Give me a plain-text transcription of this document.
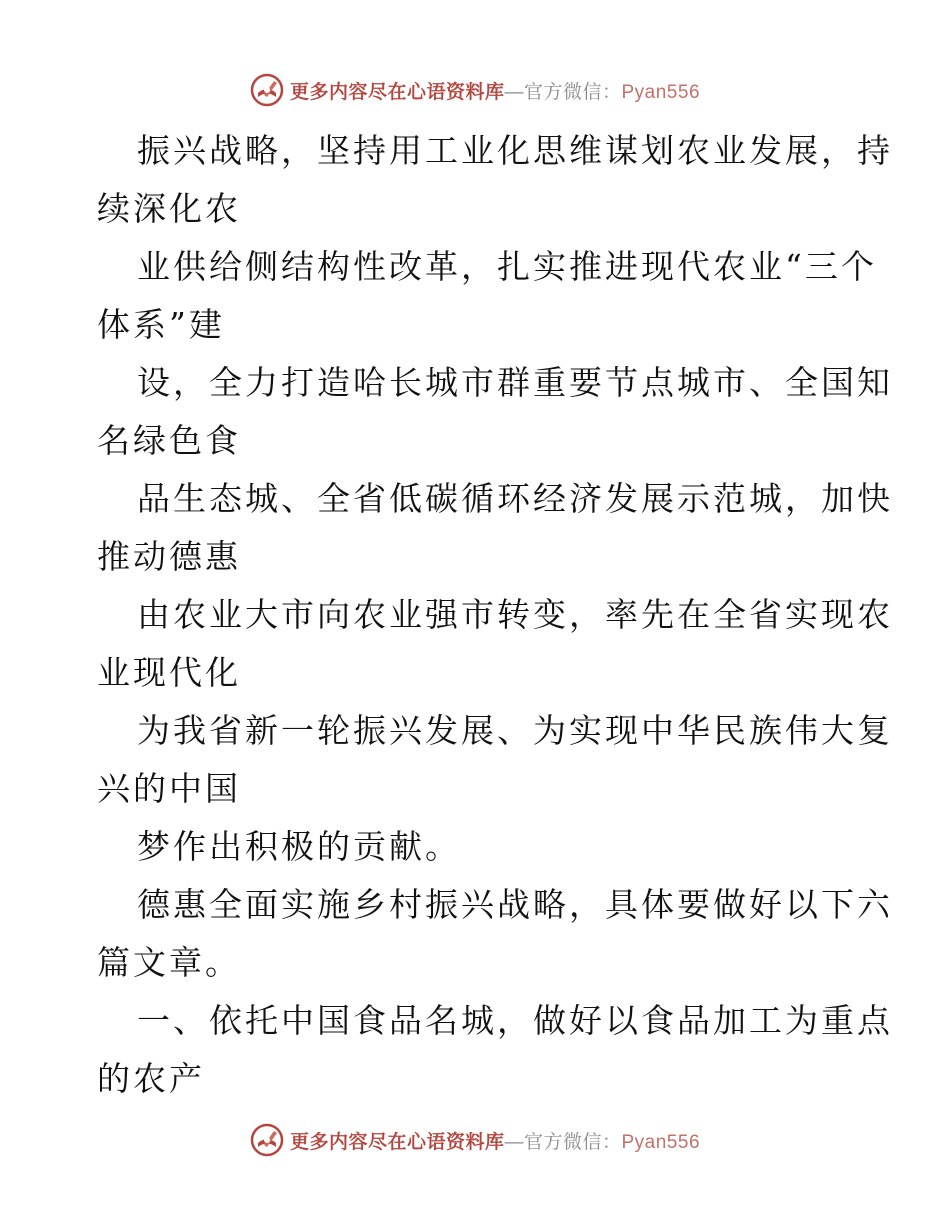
更多内容尽在心语资料库—官方微信：Pyan556
振兴战略，坚持用工业化思维谋划农业发展，持
续深化农
业供给侧结构性改革，扎实推进现代农业“三个
体系”建
设，全力打造哈长城市群重要节点城市、全国知
名绿色食
品生态城、全省低碳循环经济发展示范城，加快
推动德惠
由农业大市向农业强市转变，率先在全省实现农
业现代化
为我省新一轮振兴发展、为实现中华民族伟大复
兴的中国
梦作出积极的贡献。
德惠全面实施乡村振兴战略，具体要做好以下六
篇文章。
一、依托中国食品名城，做好以食品加工为重点
的农产
更多内容尽在心语资料库—官方微信：Pyan556
